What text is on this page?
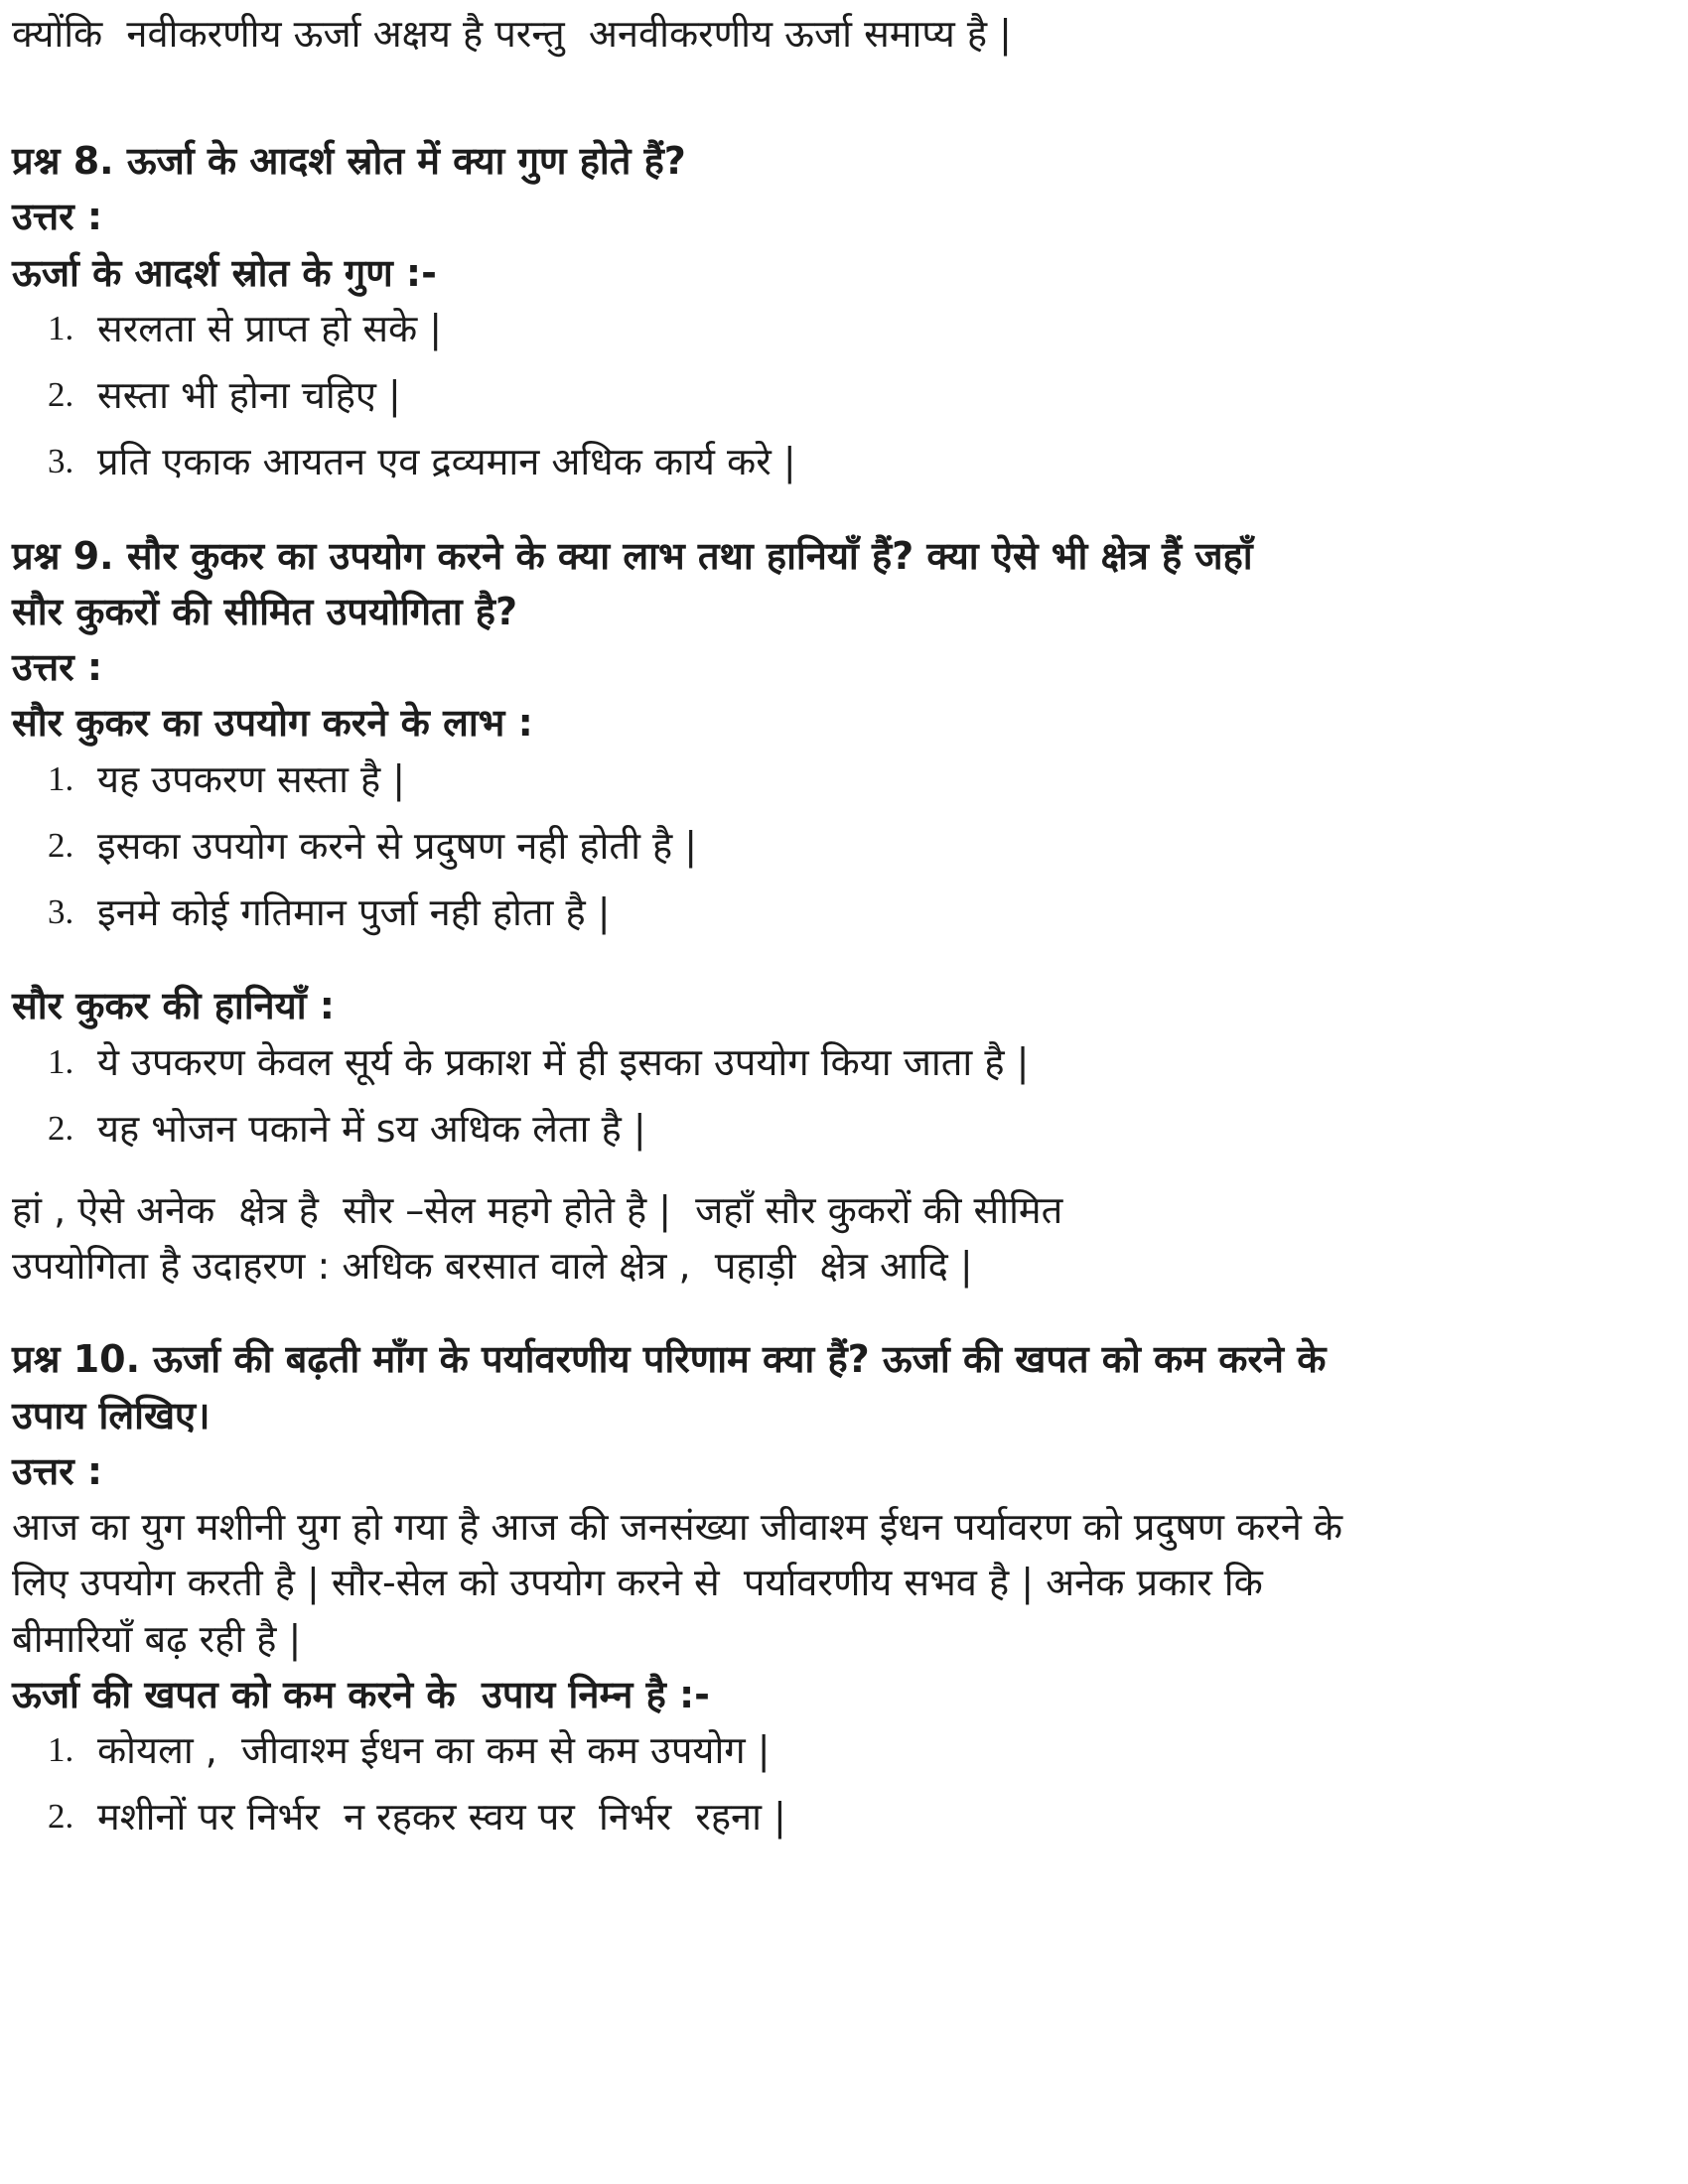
क्योंकि  नवीकरणीय ऊर्जा अक्षय है परन्तु  अनवीकरणीय ऊर्जा समाप्य है |

प्रश्न 8. ऊर्जा के आदर्श स्रोत में क्या गुण होते हैं?

उत्तर :

ऊर्जा के आदर्श स्रोत के गुण :-

1. सरलता से प्राप्त हो सके |
2. सस्ता भी होना चहिए |
3. प्रति एकाक आयतन एव द्रव्यमान अधिक कार्य करे |

प्रश्न 9. सौर कुकर का उपयोग करने के क्या लाभ तथा हानियाँ हैं? क्या ऐसे भी क्षेत्र हैं जहाँ सौर कुकरों की सीमित उपयोगिता है?

उत्तर :

सौर कुकर का उपयोग करने के लाभ :

1. यह उपकरण सस्ता है |
2. इसका उपयोग करने से प्रदुषण नही होती है |
3. इनमे कोई गतिमान पुर्जा नही होता है |

सौर कुकर की हानियाँ :

1. ये उपकरण केवल सूर्य के प्रकाश में ही इसका उपयोग किया जाता है |
2. यह भोजन पकाने में sय अधिक लेता है |

हां , ऐसे अनेक  क्षेत्र है  सौर –सेल महगे होते है |  जहाँ सौर कुकरों की सीमित उपयोगिता है उदाहरण : अधिक बरसात वाले क्षेत्र ,  पहाड़ी  क्षेत्र आदि |

प्रश्न 10. ऊर्जा की बढ़ती माँग के पर्यावरणीय परिणाम क्या हैं? ऊर्जा की खपत को कम करने के  उपाय लिखिए।

उत्तर :

आज का युग मशीनी युग हो गया है आज की जनसंख्या जीवाश्म ईधन पर्यावरण को प्रदुषण करने के लिए उपयोग करती है | सौर-सेल को उपयोग करने से  पर्यावरणीय सभव है | अनेक प्रकार कि बीमारियाँ बढ़ रही है |

ऊर्जा की खपत को कम करने के  उपाय निम्न है :-

1. कोयला ,  जीवाश्म ईधन का कम से कम उपयोग |
2. मशीनों पर निर्भर  न रहकर स्वय पर  निर्भर  रहना |
